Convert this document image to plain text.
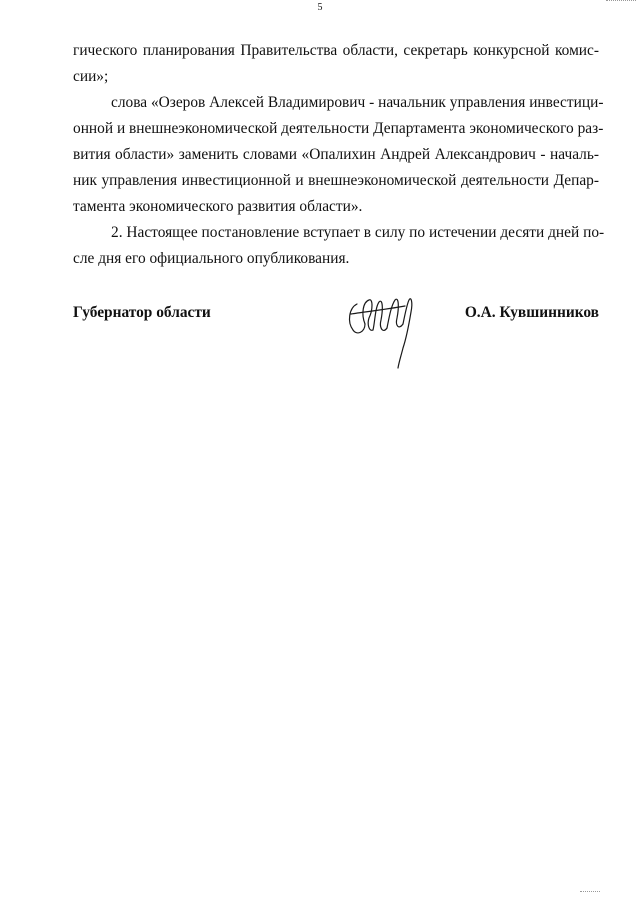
5
гического планирования Правительства области, секретарь конкурсной комис-
сии»;
слова «Озеров Алексей Владимирович - начальник управления инвестици-
онной и внешнеэкономической деятельности Департамента экономического раз-
вития области» заменить словами «Опалихин Андрей Александрович - началь-
ник управления инвестиционной и внешнеэкономической деятельности Депар-
тамента экономического развития области».
2. Настоящее постановление вступает в силу по истечении десяти дней по-
сле дня его официального опубликования.
Губернатор области	О.А. Кувшинников
